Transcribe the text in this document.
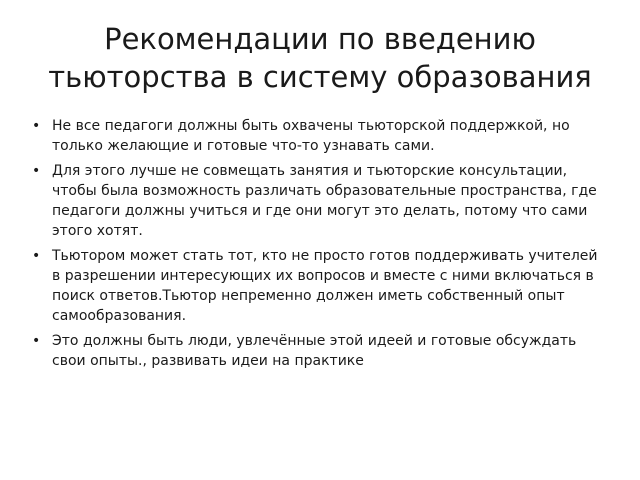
Рекомендации по введению тьюторства в систему образования
• Не все педагоги должны быть охвачены тьюторской поддержкой, но только желающие и готовые что-то узнавать сами.
• Для этого лучше не совмещать занятия и тьюторские консультации, чтобы была возможность различать образовательные пространства, где педагоги должны учиться и где они могут это делать, потому что сами этого хотят.
• Тьютором может стать тот, кто не просто готов поддерживать учителей в разрешении интересующих их вопросов и вместе с ними включаться в поиск ответов.Тьютор непременно должен иметь собственный опыт самообразования.
• Это должны быть люди, увлечённые этой идеей и готовые обсуждать свои опыты., развивать идеи на практике
